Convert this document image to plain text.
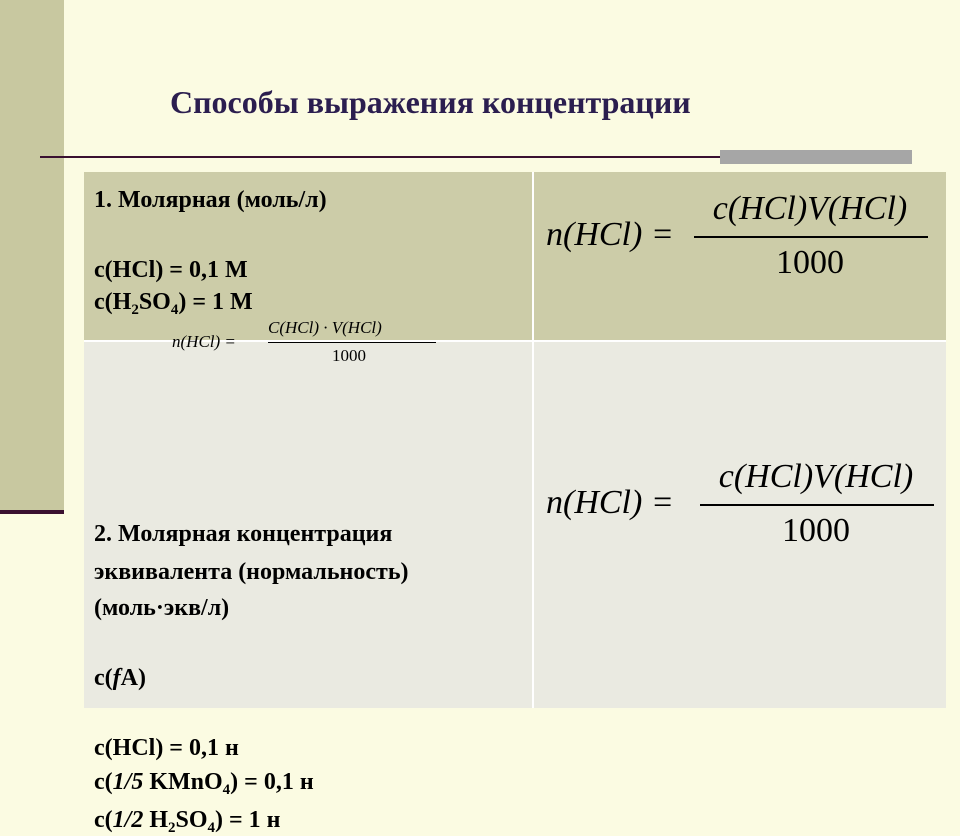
Способы выражения концентрации
1. Молярная (моль/л)
c(HCl) = 0,1 М
$c(H_2SO_4) = 1$ М
n(HCl) =
c(HCl)V(HCl)
1000
2. Молярная концентрация
эквивалента (нормальность)
(моль·экв/л)
c(fA)
c(HCl) = 0,1 н
c(1/5 KMnO$_4$) = 0,1 н
c(1/2 $H_2SO_4) = 1$ н
n(HCl) =
c(HCl)V(HCl)
1000
n(HCl) =
C(HCl) · V(HCl)
1000
